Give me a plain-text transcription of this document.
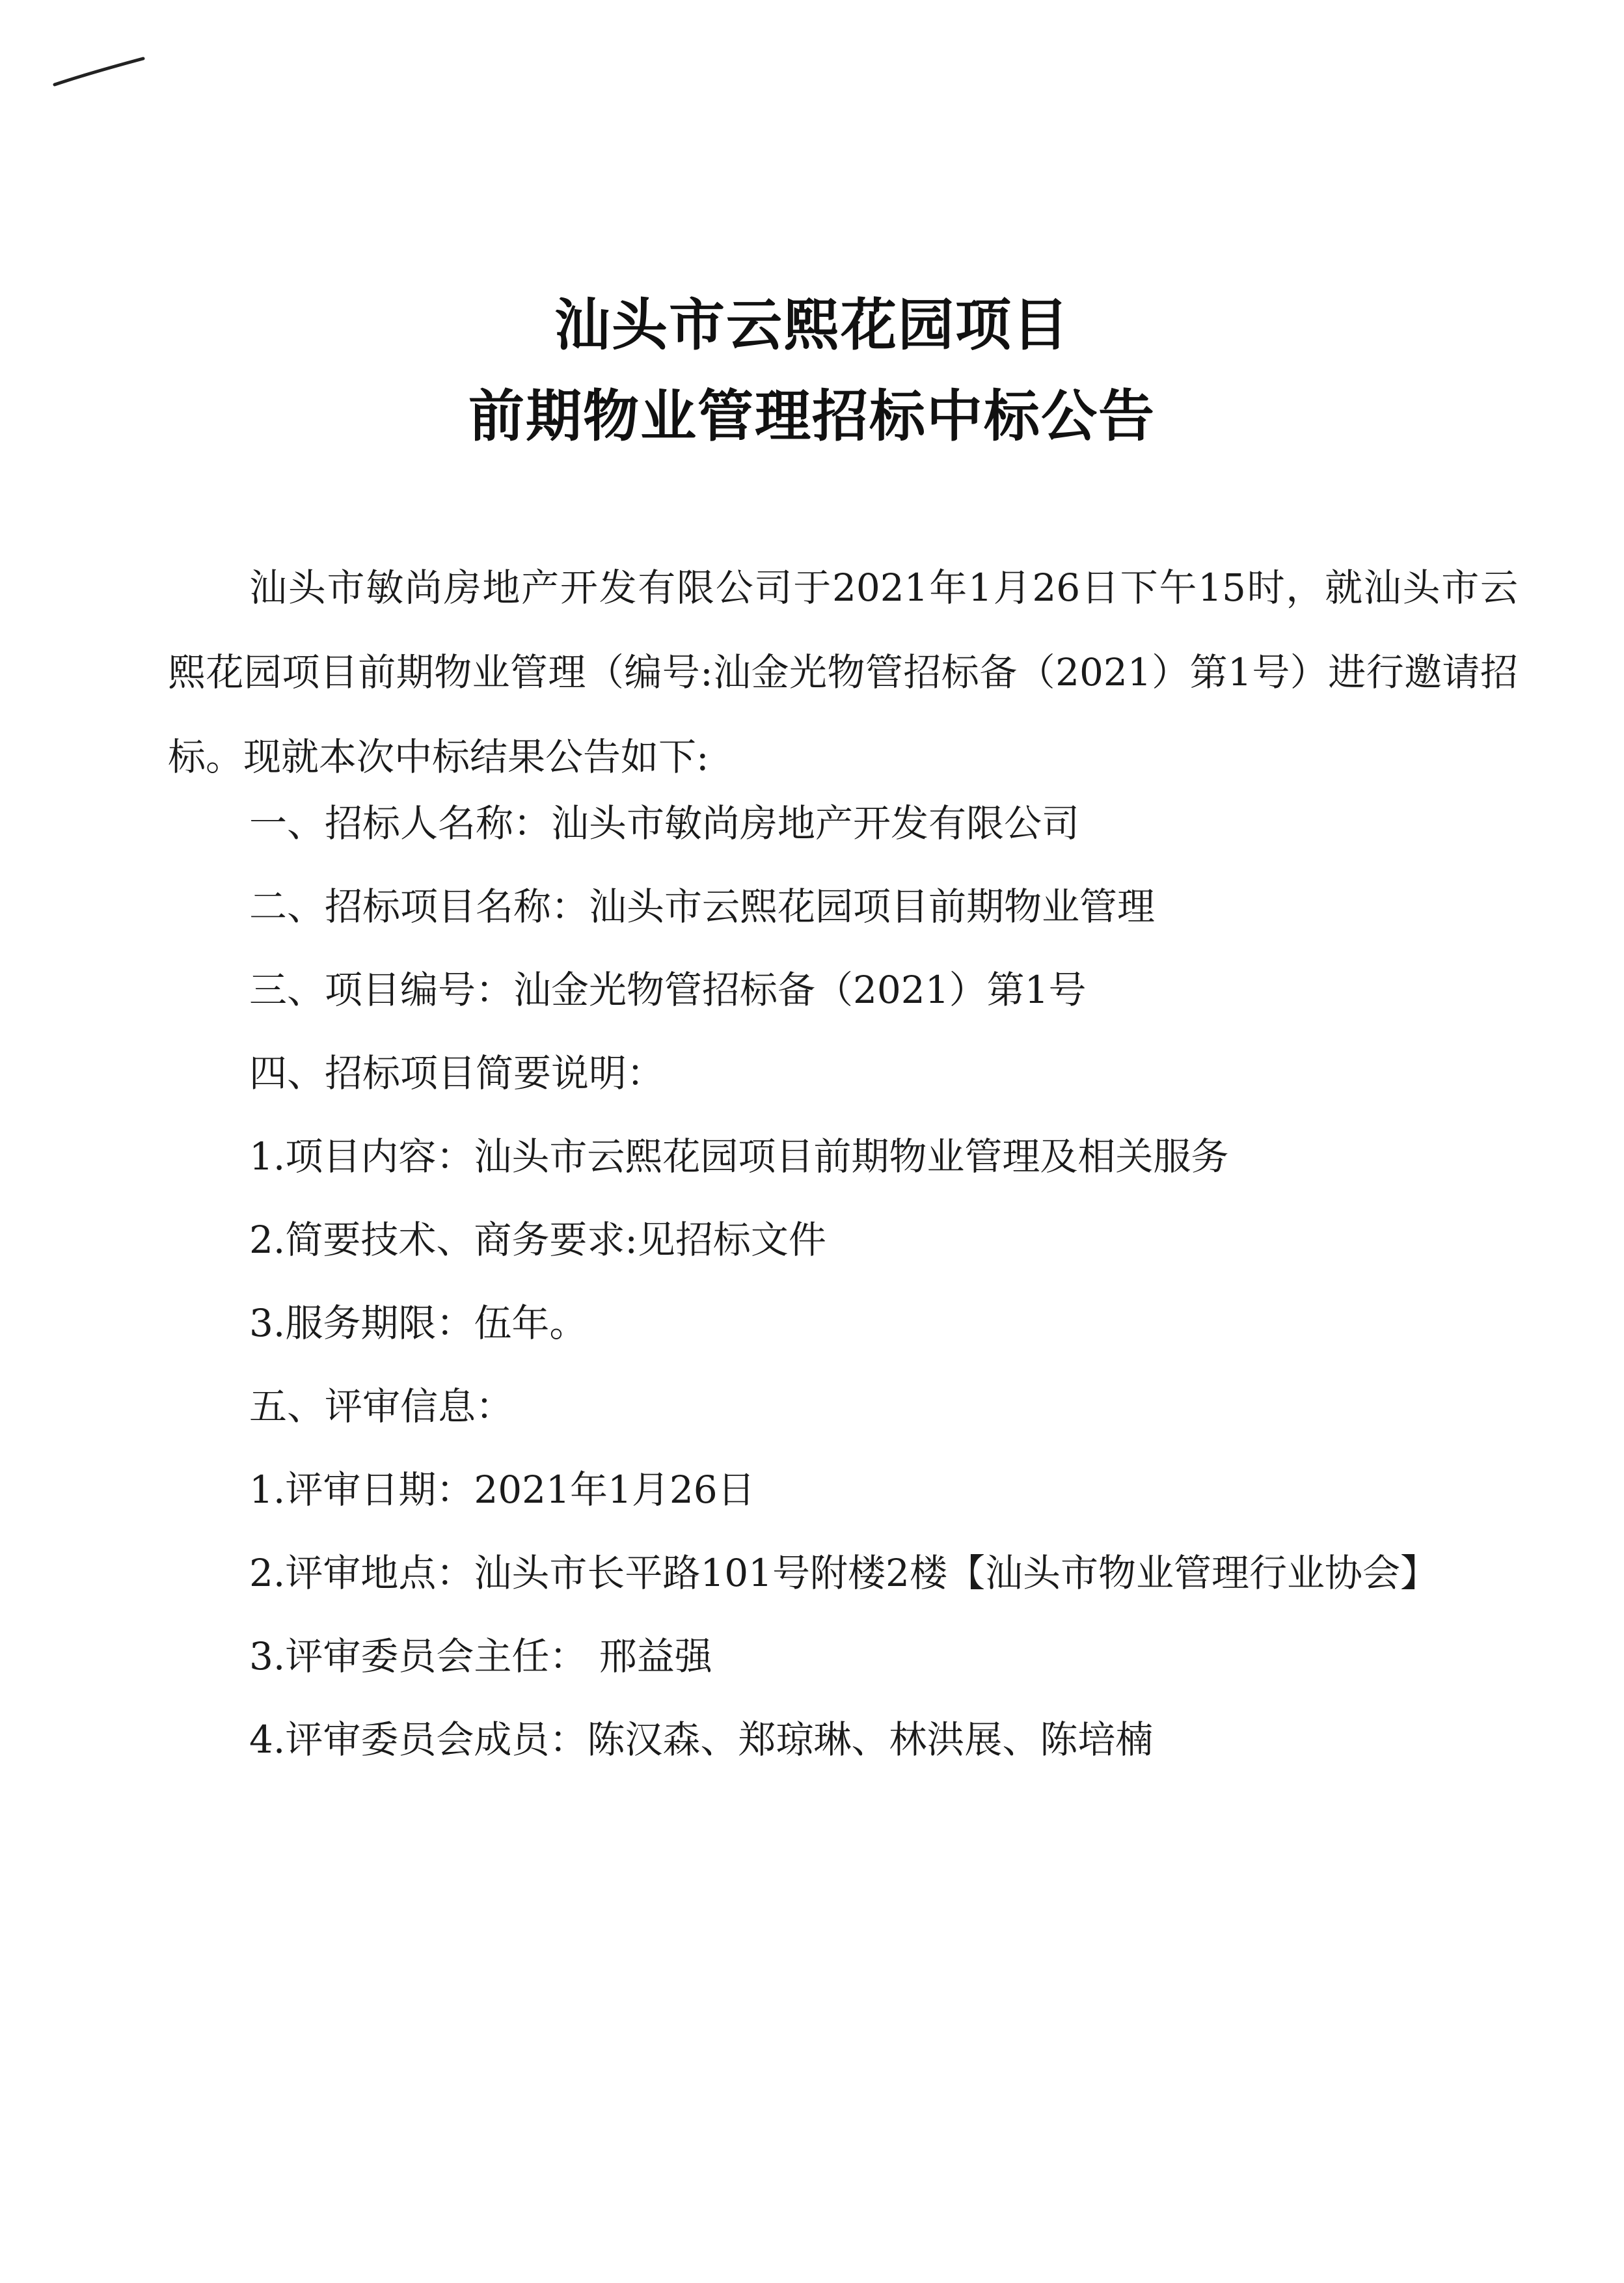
汕头市云熙花园项目
前期物业管理招标中标公告
汕头市敏尚房地产开发有限公司于2021年1月26日下午15时，就汕头市云熙花园项目前期物业管理（编号:汕金光物管招标备（2021）第1号）进行邀请招标。现就本次中标结果公告如下:
一、招标人名称：汕头市敏尚房地产开发有限公司
二、招标项目名称：汕头市云熙花园项目前期物业管理
三、项目编号：汕金光物管招标备（2021）第1号
四、招标项目简要说明：
1.项目内容：汕头市云熙花园项目前期物业管理及相关服务
2.简要技术、商务要求:见招标文件
3.服务期限：伍年。
五、评审信息：
1.评审日期：2021年1月26日
2.评审地点：汕头市长平路101号附楼2楼【汕头市物业管理行业协会】
3.评审委员会主任： 邢益强
4.评审委员会成员：陈汉森、郑琼琳、林洪展、陈培楠
